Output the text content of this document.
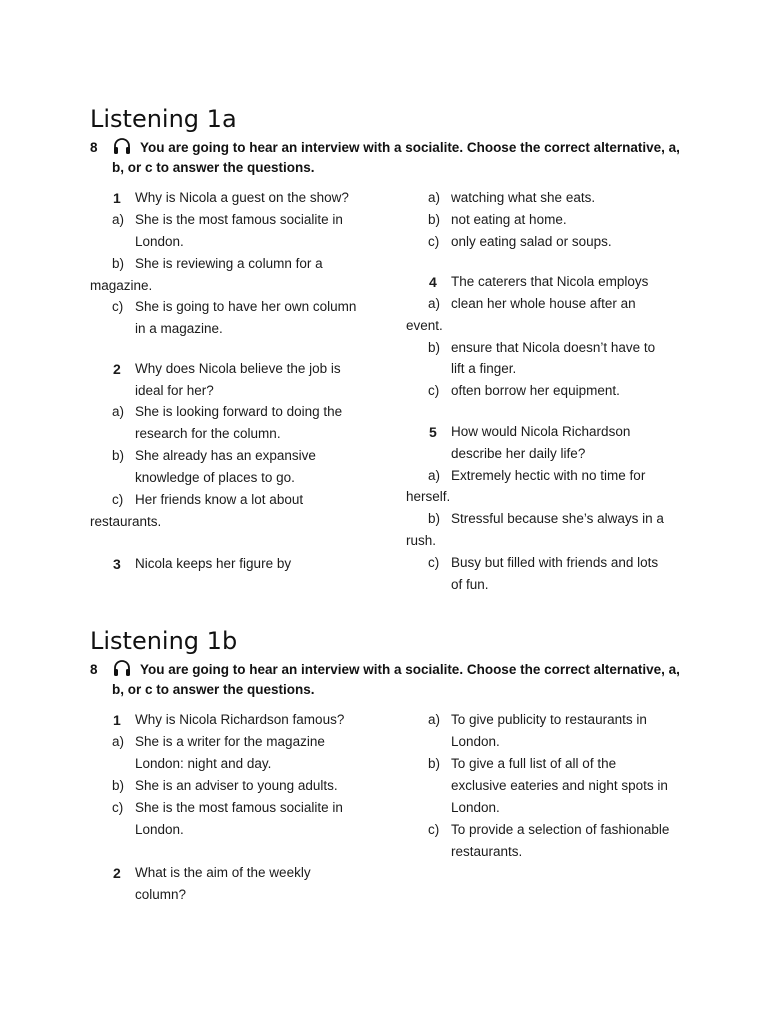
Listening 1a
8	You are going to hear an interview with a socialite. Choose the correct alternative, a, b, or c to answer the questions.
1 Why is Nicola a guest on the show?
a) She is the most famous socialite in
London.
b) She is reviewing a column for a
magazine.
c) She is going to have her own column
in a magazine.
2 Why does Nicola believe the job is
ideal for her?
a) She is looking forward to doing the
research for the column.
b) She already has an expansive
knowledge of places to go.
c) Her friends know a lot about
restaurants.
3 Nicola keeps her figure by
a) watching what she eats.
b) not eating at home.
c) only eating salad or soups.
4 The caterers that Nicola employs
a) clean her whole house after an
event.
b) ensure that Nicola doesn’t have to
lift a finger.
c) often borrow her equipment.
5 How would Nicola Richardson
describe her daily life?
a) Extremely hectic with no time for
herself.
b) Stressful because she’s always in a
rush.
c) Busy but filled with friends and lots
of fun.
Listening 1b
8	You are going to hear an interview with a socialite. Choose the correct alternative, a, b, or c to answer the questions.
1 Why is Nicola Richardson famous?
a) She is a writer for the magazine
London: night and day.
b) She is an adviser to young adults.
c) She is the most famous socialite in
London.
2 What is the aim of the weekly
column?
a) To give publicity to restaurants in
London.
b) To give a full list of all of the
exclusive eateries and night spots in
London.
c) To provide a selection of fashionable
restaurants.
